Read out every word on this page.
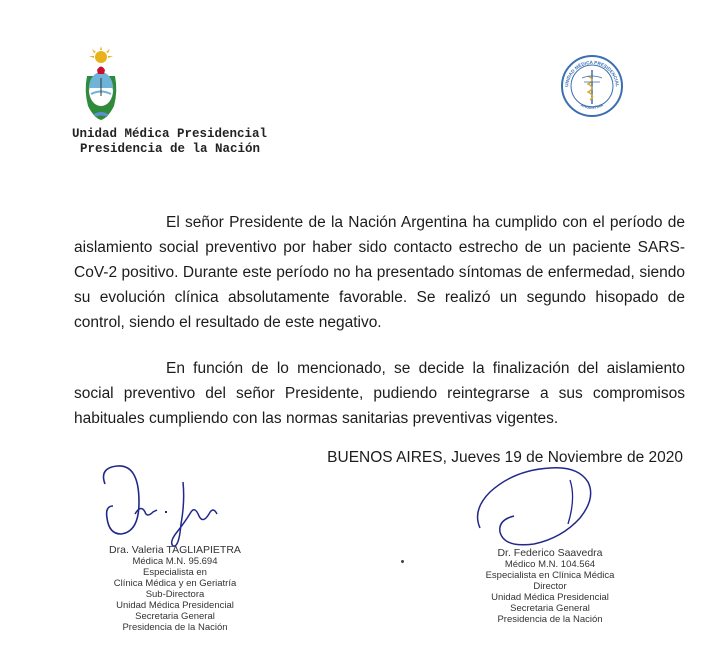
UNIDAD MÉDICA PRESIDENCIAL
ARGENTINA
Unidad Médica Presidencial
Presidencia de la Nación
El señor Presidente de la Nación Argentina ha cumplido con el período de aislamiento social preventivo por haber sido contacto estrecho de un paciente SARS-CoV-2 positivo. Durante este período no ha presentado síntomas de enfermedad, siendo su evolución clínica absolutamente favorable. Se realizó un segundo hisopado de control, siendo el resultado de este negativo.
En función de lo mencionado, se decide la finalización del aislamiento social preventivo del señor Presidente, pudiendo reintegrarse a sus compromisos habituales cumpliendo con las normas sanitarias preventivas vigentes.
BUENOS AIRES, Jueves 19 de Noviembre de 2020
Dra. Valeria TAGLIAPIETRA
Médica M.N. 95.694
Especialista en
Clínica Médica y en Geriatría
Sub-Directora
Unidad Médica Presidencial
Secretaria General
Presidencia de la Nación
Dr. Federico Saavedra
Médico M.N. 104.564
Especialista en Clínica Médica
Director
Unidad Médica Presidencial
Secretaria General
Presidencia de la Nación
